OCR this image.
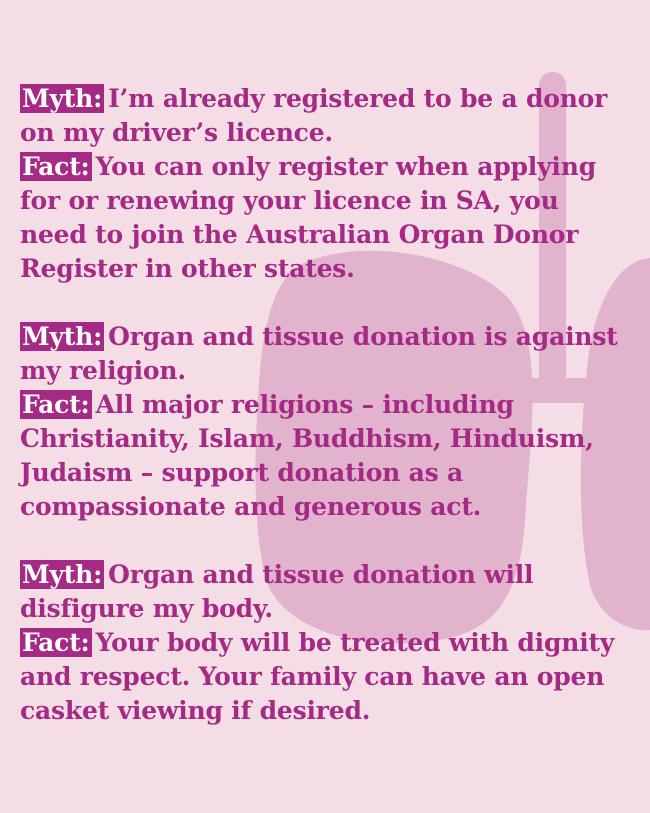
Myth: I’m already registered to be a donor on my driver’s licence.

Fact: You can only register when applying for or renewing your licence in SA, you need to join the Australian Organ Donor Register in other states.

Myth: Organ and tissue donation is against my religion.

Fact: All major religions – including Christianity, Islam, Buddhism, Hinduism, Judaism – support donation as a compassionate and generous act.

Myth: Organ and tissue donation will disfigure my body.

Fact: Your body will be treated with dignity and respect. Your family can have an open casket viewing if desired.
